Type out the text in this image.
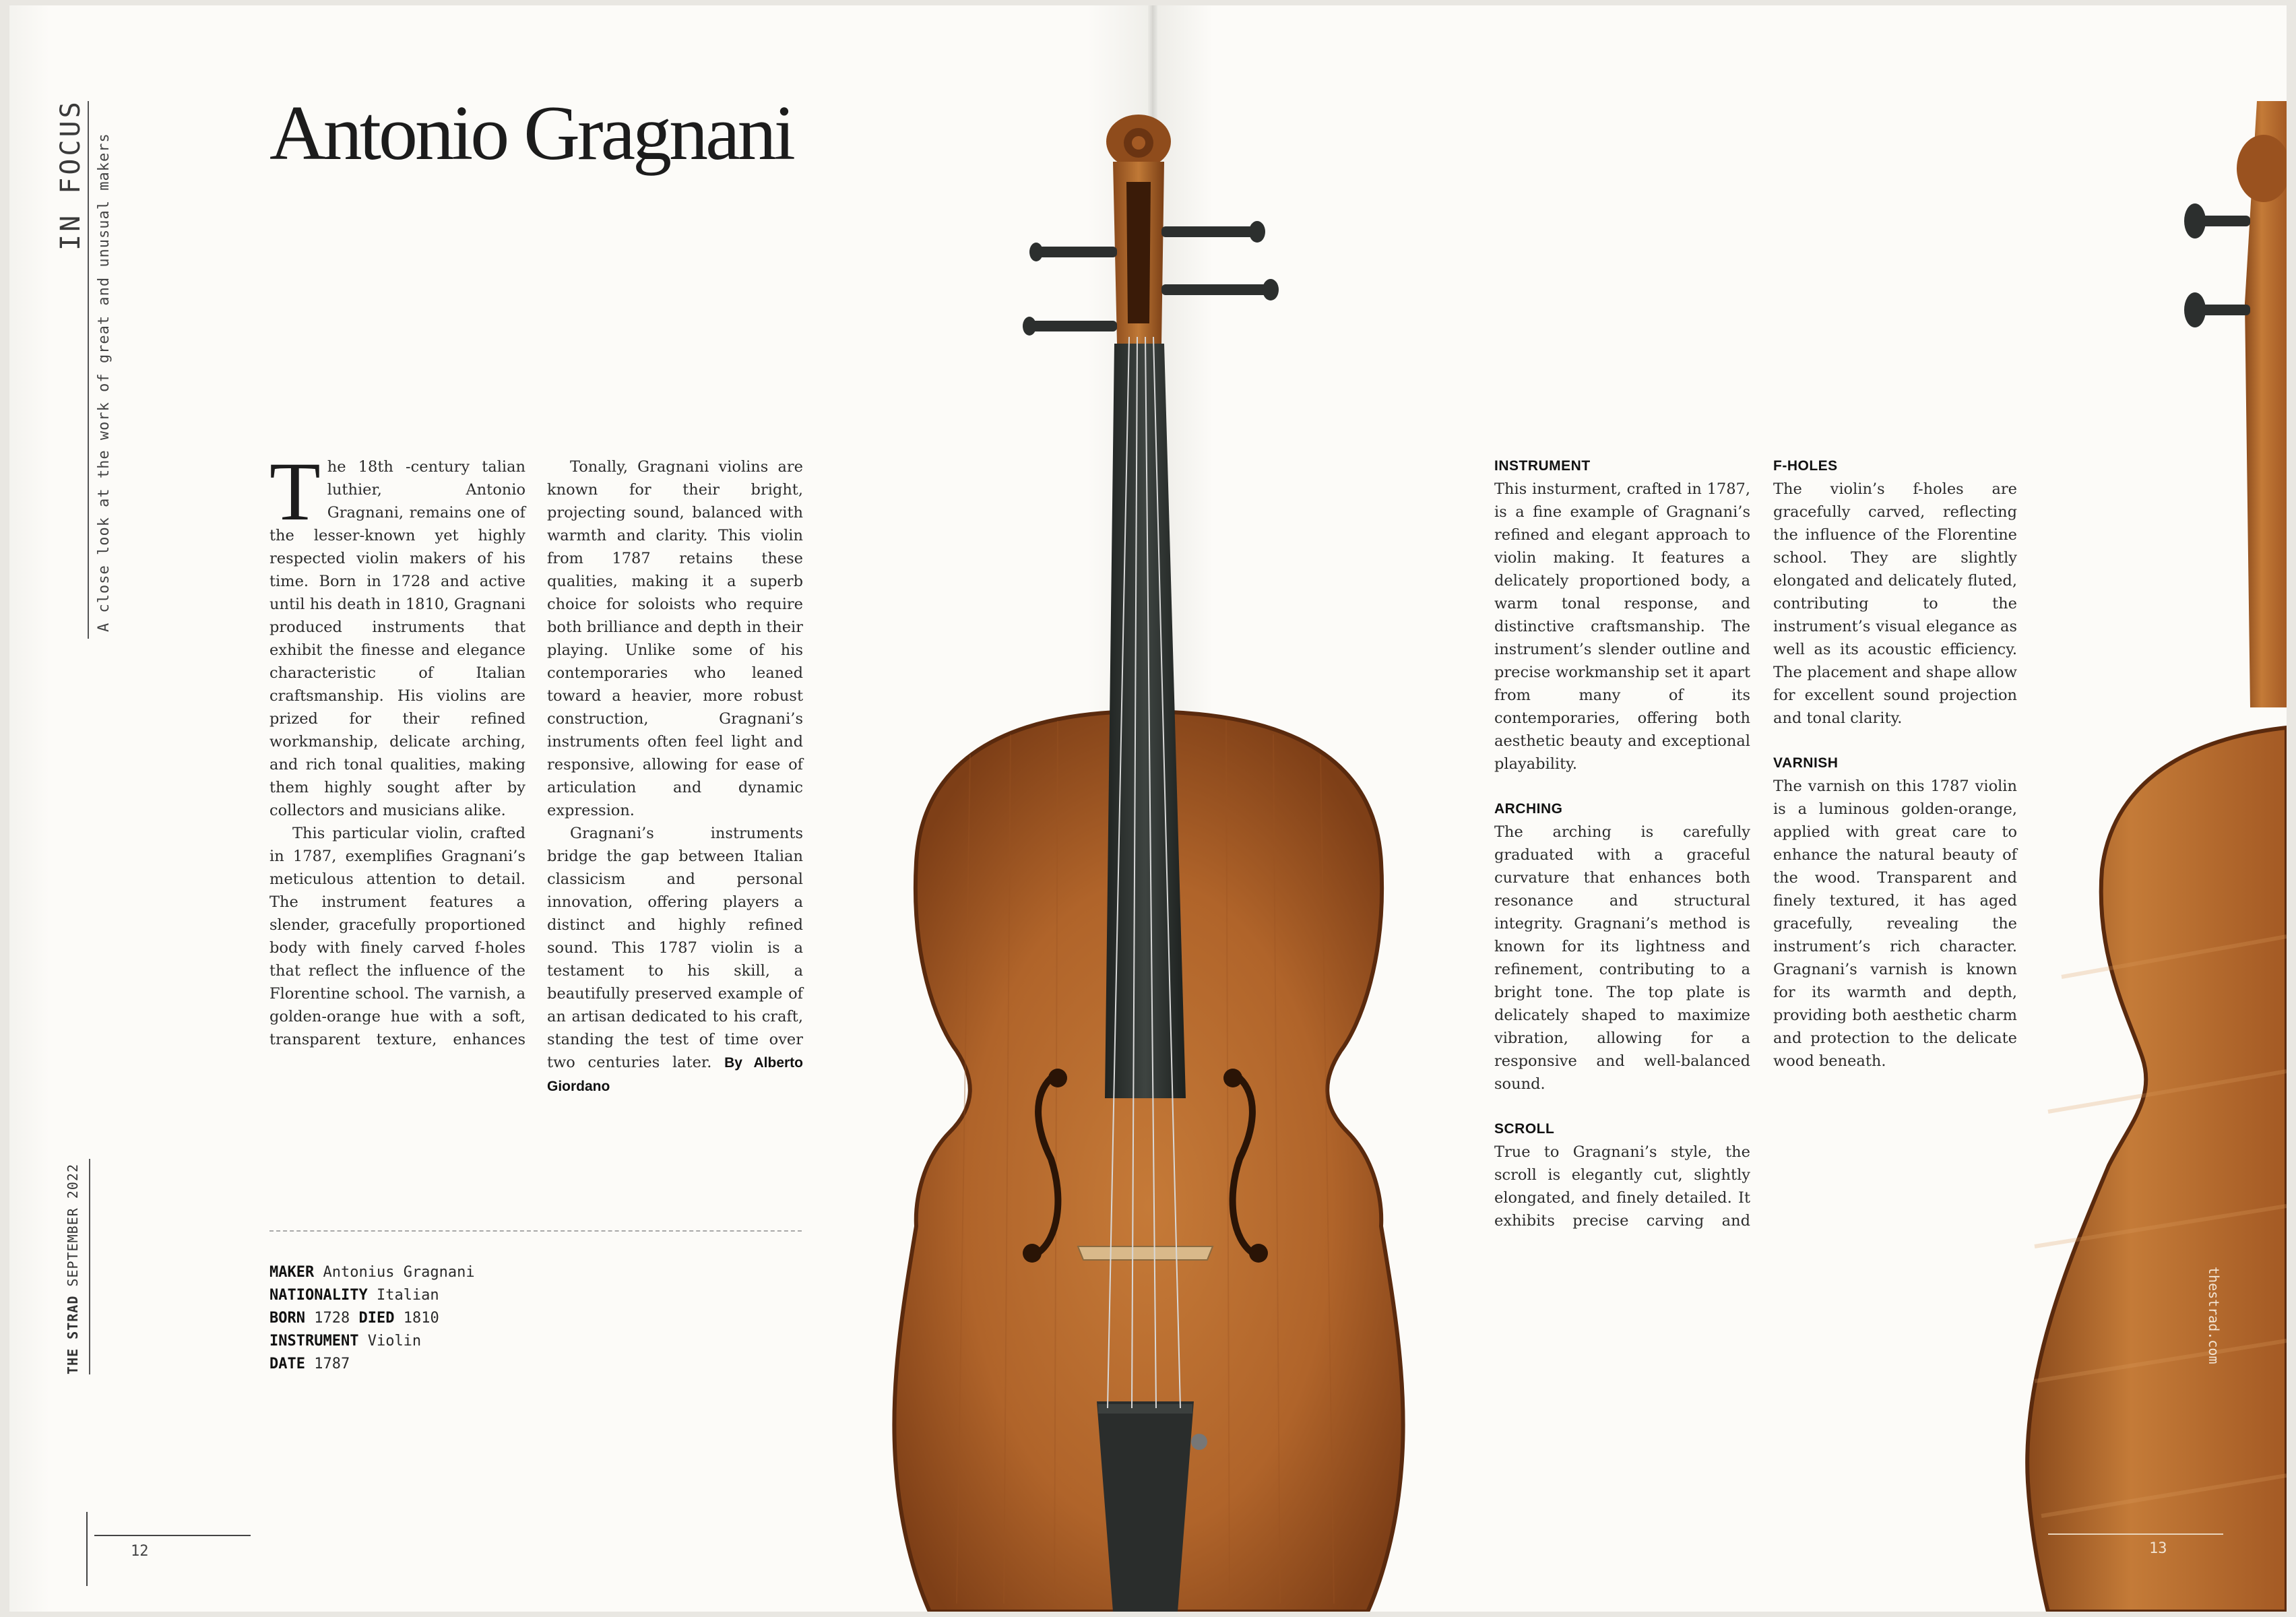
IN FOCUS A close look at the work of great and unusual makers
THE STRAD SEPTEMBER 2022
Antonio Gragnani

The 18th -century talian luthier, Antonio Gragnani, remains one of the lesser-known yet highly respected violin makers of his time. Born in 1728 and active until his death in 1810, Gragnani produced instruments that exhibit the finesse and elegance characteristic of Italian craftsmanship. His violins are prized for their refined workmanship, delicate arching, and rich tonal qualities, making them highly sought after by collectors and musicians alike.

This particular violin, crafted in 1787, exemplifies Gragnani’s meticulous attention to detail. The instrument features a slender, gracefully proportioned body with finely carved f-holes that reflect the influence of the Florentine school. The varnish, a golden-orange hue with a soft, transparent texture, enhances

Tonally, Gragnani violins are known for their bright, projecting sound, balanced with warmth and clarity. This violin from 1787 retains these qualities, making it a superb choice for soloists who require both brilliance and depth in their playing. Unlike some of his contemporaries who leaned toward a heavier, more robust construction, Gragnani’s instruments often feel light and responsive, allowing for ease of articulation and dynamic expression.

Gragnani’s instruments bridge the gap between Italian classicism and personal innovation, offering players a distinct and highly refined sound. This 1787 violin is a testament to his skill, a beautifully preserved example of an artisan dedicated to his craft, standing the test of time over two centuries later. By Alberto Giordano

MAKER Antonius Gragnani
NATIONALITY Italian
BORN 1728 DIED 1810
INSTRUMENT Violin
DATE 1787
12
INSTRUMENT

This insturment, crafted in 1787, is a fine example of Gragnani’s refined and elegant approach to violin making. It features a delicately proportioned body, a warm tonal response, and distinctive craftsmanship. The instrument’s slender outline and precise workmanship set it apart from many of its contemporaries, offering both aesthetic beauty and exceptional playability.

ARCHING

The arching is carefully graduated with a graceful curvature that enhances both resonance and structural integrity. Gragnani’s method is known for its lightness and refinement, contributing to a bright tone. The top plate is delicately shaped to maximize vibration, allowing for a responsive and well-balanced sound.

SCROLL

True to Gragnani’s style, the scroll is elegantly cut, slightly elongated, and finely detailed. It exhibits precise carving and

F-HOLES

The violin’s f-holes are gracefully carved, reflecting the influence of the Florentine school. They are slightly elongated and delicately fluted, contributing to the instrument’s visual elegance as well as its acoustic efficiency. The placement and shape allow for excellent sound projection and tonal clarity.

VARNISH

The varnish on this 1787 violin is a luminous golden-orange, applied with great care to enhance the natural beauty of the wood. Transparent and finely textured, it has aged gracefully, revealing the instrument’s rich character. Gragnani’s varnish is known for its warmth and depth, providing both aesthetic charm and protection to the delicate wood beneath.

thestrad.com
13
